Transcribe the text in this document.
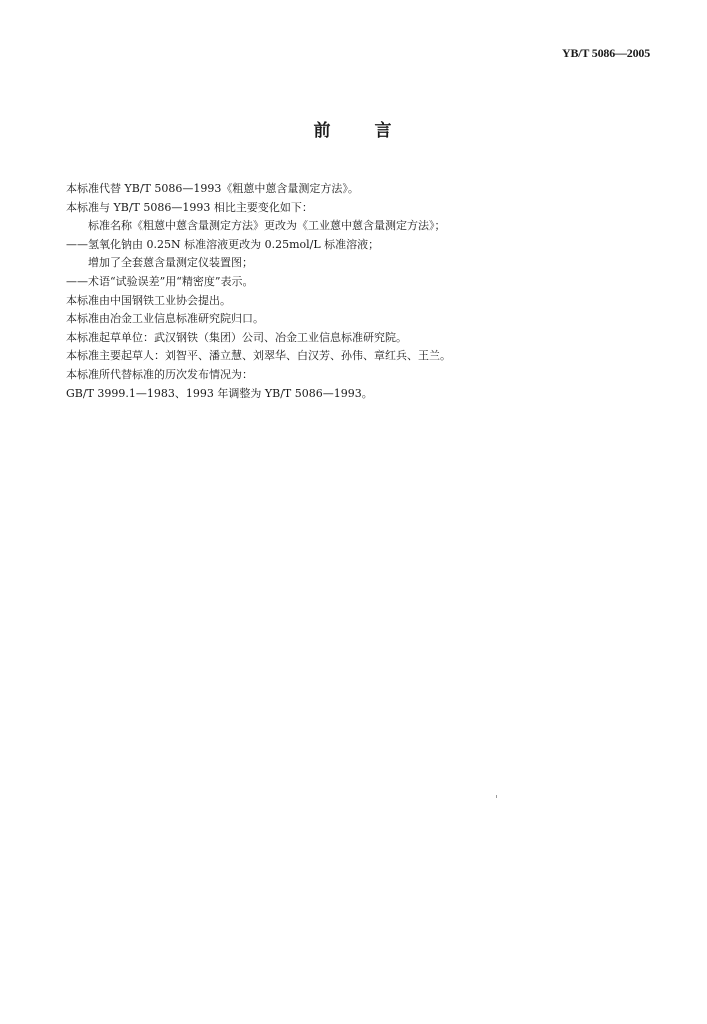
YB/T 5086—2005
前 言
本标准代替 YB/T 5086—1993《粗蒽中蒽含量测定方法》。
本标准与 YB/T 5086—1993 相比主要变化如下：
标准名称《粗蒽中蒽含量测定方法》更改为《工业蒽中蒽含量测定方法》；
——氢氧化钠由 0.25N 标准溶液更改为 0.25mol/L 标准溶液；
增加了全套蒽含量测定仪装置图；
——术语“试验误差”用“精密度”表示。
本标准由中国钢铁工业协会提出。
本标准由冶金工业信息标准研究院归口。
本标准起草单位：武汉钢铁（集团）公司、冶金工业信息标准研究院。
本标准主要起草人：刘智平、潘立慧、刘翠华、白汉芳、孙伟、章红兵、王兰。
本标准所代替标准的历次发布情况为：
GB/T 3999.1—1983、1993 年调整为 YB/T 5086—1993。
